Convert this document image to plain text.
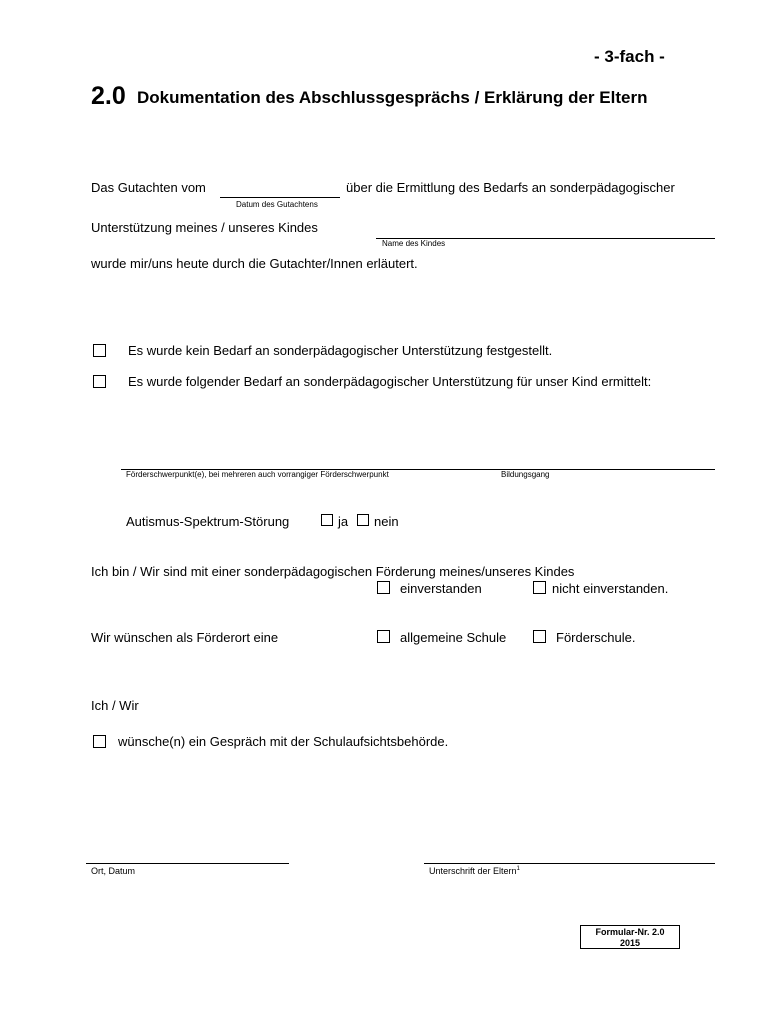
- 3-fach -
2.0 Dokumentation des Abschlussgesprächs / Erklärung der Eltern
Das Gutachten vom
Datum des Gutachtens
über die Ermittlung des Bedarfs an sonderpädagogischer
Unterstützung meines / unseres Kindes
Name des Kindes
wurde mir/uns heute durch die Gutachter/Innen erläutert.
Es wurde kein Bedarf an sonderpädagogischer Unterstützung festgestellt.
Es wurde folgender Bedarf an sonderpädagogischer Unterstützung für unser Kind ermittelt:
Förderschwerpunkt(e), bei mehreren auch vorrangiger Förderschwerpunkt	Bildungsgang
Autismus-Spektrum-Störung	ja nein
Ich bin / Wir sind mit einer sonderpädagogischen Förderung meines/unseres Kindes
einverstanden	nicht einverstanden.
Wir wünschen als Förderort eine	allgemeine Schule	Förderschule.
Ich / Wir
wünsche(n) ein Gespräch mit der Schulaufsichtsbehörde.
Ort, Datum	Unterschrift der Eltern$^1$
Formular-Nr. 2.0
2015
